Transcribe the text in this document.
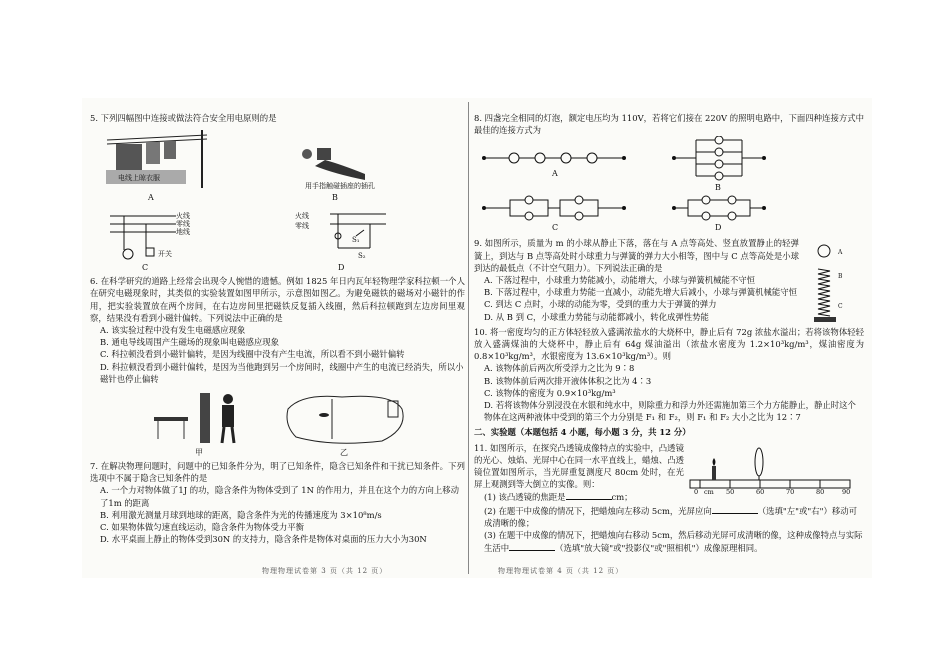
5. 下列四幅图中连接或做法符合安全用电原则的是
电线上晾衣服
A
用手指触碰插座的插孔
B
火线
零线
地线
开关
C
火线
零线
S₁
S₂
D
6. 在科学研究的道路上经常会出现令人惋惜的遗憾。例如 1825 年日内瓦年轻物理学家科拉顿一个人在研究电磁现象时，其类似的实验装置如图甲所示，示意图如图乙。为避免磁铁的磁场对小磁针的作用，把实验装置放在两个房间，在右边房间里把磁铁反复插入线圈，然后科拉顿跑到左边房间里观察，结果没有看到小磁针偏转。下列说法中正确的是
A. 该实验过程中没有发生电磁感应现象
B. 通电导线周围产生磁场的现象叫电磁感应现象
C. 科拉顿没看到小磁针偏转，是因为线圈中没有产生电流，所以看不到小磁针偏转
D. 科拉顿没看到小磁针偏转，是因为当他跑到另一个房间时，线圈中产生的电流已经消失，所以小磁针也停止偏转
甲	乙
7. 在解决物理问题时，问题中的已知条件分为，明了已知条件，隐含已知条件和干扰已知条件。下列选项中不属于隐含已知条件的是
A. 一个力对物体做了1J 的功，隐含条件为物体受到了 1N 的作用力，并且在这个力的方向上移动了1m 的距离
B. 利用激光测量月球到地球的距离，隐含条件为光的传播速度为 3×10⁸m/s
C. 如果物体做匀速直线运动，隐含条件为物体受力平衡
D. 水平桌面上静止的物体受到30N 的支持力，隐含条件是物体对桌面的压力大小为30N
8. 四盏完全相同的灯泡，额定电压均为 110V，若将它们接在 220V 的照明电路中，下面四种连接方式中最佳的连接方式为
A
B
C	D
9. 如图所示，质量为 m 的小球从静止下落，落在与 A 点等高处、竖直放置静止的轻弹簧上，到达与 B 点等高处时小球重力与弹簧的弹力大小相等，图中与 C 点等高处是小球到达的最低点（不计空气阻力）。下列说法正确的是
A. 下落过程中，小球重力势能减小，动能增大，小球与弹簧机械能不守恒
B. 下落过程中，小球重力势能一直减小，动能先增大后减小，小球与弹簧机械能守恒
C. 到达 C 点时，小球的动能为零，受到的重力大于弹簧的弹力
D. 从 B 到 C，小球重力势能与动能都减小，转化成弹性势能
A
B
C
10. 将一密度均匀的正方体轻轻放入盛满浓盐水的大烧杯中，静止后有 72g 浓盐水溢出；若将该物体轻轻放入盛满煤油的大烧杯中，静止后有 64g 煤油溢出（浓盐水密度为 1.2×10³kg/m³，煤油密度为 0.8×10³kg/m³，水银密度为 13.6×10³kg/m³）。则
A. 该物体前后两次所受浮力之比为 9∶8
B. 该物体前后两次排开液体体积之比为 4∶3
C. 该物体的密度为 0.9×10³kg/m³
D. 若将该物体分别浸没在水银和纯水中，则除重力和浮力外还需施加第三个力方能静止，静止时这个物体在这两种液体中受到的第三个力分别是 F₁ 和 F₂，则 F₁ 和 F₂ 大小之比为 12∶7
二、实验题（本题包括 4 小题，每小题 3 分，共 12 分）
11. 如图所示，在探究凸透镜成像特点的实验中，凸透镜的光心、烛焰、光屏中心在同一水平直线上，蜡烛、凸透镜位置如图所示，当光屏重复测度尺 80cm 处时，在光屏上观测到等大倒立的实像。则：
0	50	60	70	80	90
cm
(1) 该凸透镜的焦距是	cm；
(2) 在题干中成像的情况下，把蜡烛向左移动 5cm，光屏应向	（选填"左"或"右"）移动可成清晰的像；
(3) 在题干中成像的情况下，把蜡烛向右移动 5cm，然后移动光屏可成清晰的像，这种成像特点与实际生活中	（选填"放大镜"或"投影仪"或"照相机"）成像原理相同。
物理物理试卷第 3 页（共 12 页）	物理物理试卷第 4 页（共 12 页）
